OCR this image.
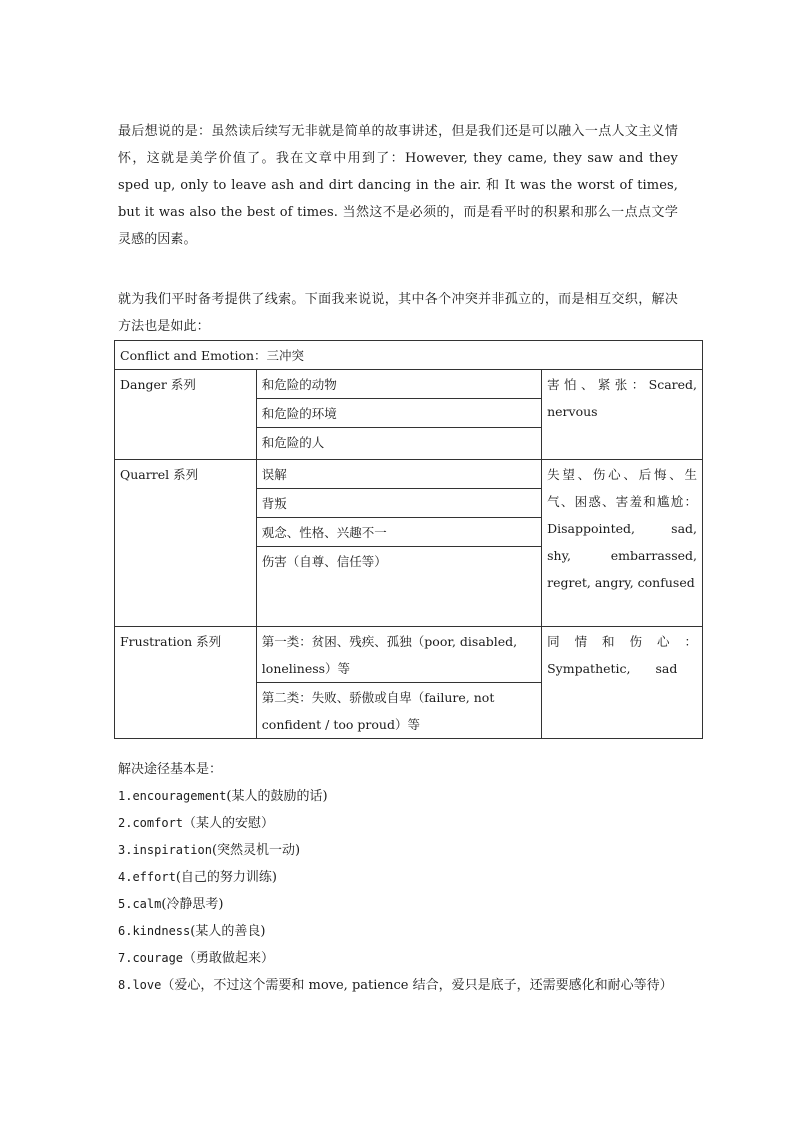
最后想说的是：虽然读后续写无非就是简单的故事讲述，但是我们还是可以融入一点人文主义情怀，这就是美学价值了。我在文章中用到了：However, they came, they saw and they sped up, only to leave ash and dirt dancing in the air. 和 It was the worst of times, but it was also the best of times. 当然这不是必须的，而是看平时的积累和那么一点点文学灵感的因素。

就为我们平时备考提供了线索。下面我来说说，其中各个冲突并非孤立的，而是相互交织，解决方法也是如此：

Conflict and Emotion：三冲突		
Danger 系列	和危险的动物	害怕、紧张：Scared,　　nervous
	和危险的环境	
	和危险的人	
Quarrel 系列	误解	失望、伤心、后悔、生气、困惑、害羞和尴尬：Disappointed,　　sad, shy, embarrassed, regret, angry, confused
	背叛	
	观念、性格、兴趣不一	
	伤害（自尊、信任等）	
Frustration 系列	第一类：贫困、残疾、孤独（poor, disabled, loneliness）等	同情和伤心：Sympathetic,　　sad
	第二类：失败、骄傲或自卑（failure, not confident / too proud）等	

解决途径基本是：

1.encouragement(某人的鼓励的话)
2.comfort（某人的安慰）
3.inspiration(突然灵机一动)
4.effort(自己的努力训练)
5.calm(冷静思考)
6.kindness(某人的善良)
7.courage（勇敢做起来）
8.love（爱心，不过这个需要和 move, patience 结合，爱只是底子，还需要感化和耐心等待）
